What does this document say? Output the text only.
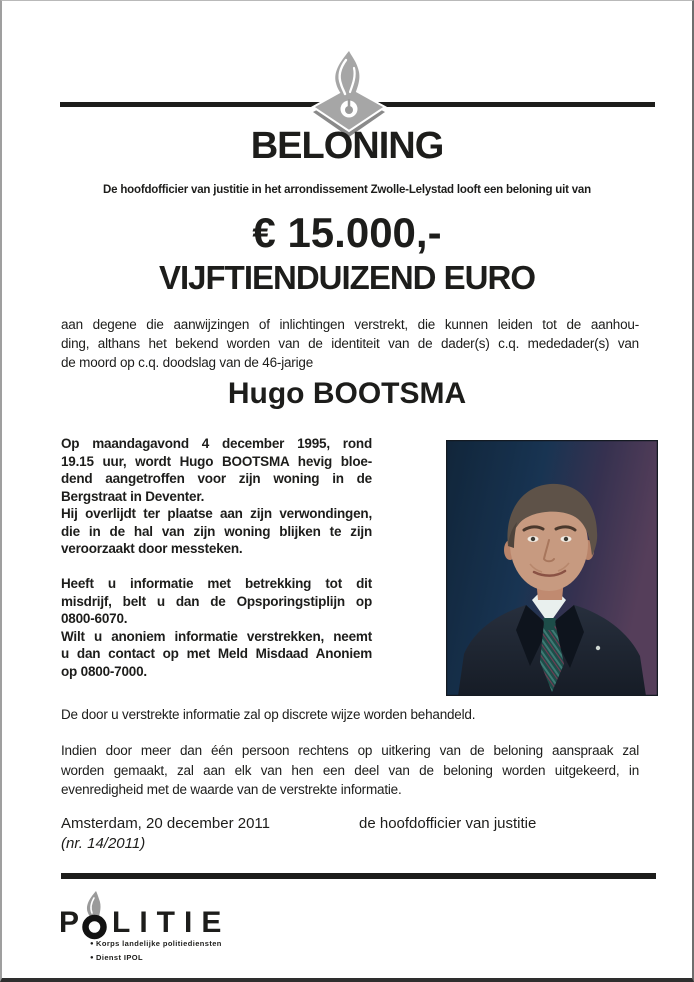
BELONING
De hoofdofficier van justitie in het arrondissement Zwolle-Lelystad looft een beloning uit van
€ 15.000,-
VIJFTIENDUIZEND EURO
aan degene die aanwijzingen of inlichtingen verstrekt, die kunnen leiden tot de aanhou-
ding, althans het bekend worden van de identiteit van de dader(s) c.q. mededader(s) van
de moord op c.q. doodslag van de 46-jarige
Hugo BOOTSMA
Op maandagavond 4 december 1995, rond
19.15 uur, wordt Hugo BOOTSMA hevig bloe-
dend aangetroffen voor zijn woning in de
Bergstraat in Deventer.
Hij overlijdt ter plaatse aan zijn verwondingen,
die in de hal van zijn woning blijken te zijn
veroorzaakt door messteken.
Heeft u informatie met betrekking tot dit
misdrijf, belt u dan de Opsporingstiplijn op
0800-6070.
Wilt u anoniem informatie verstrekken, neemt
u dan contact op met Meld Misdaad Anoniem
op 0800-7000.
De door u verstrekte informatie zal op discrete wijze worden behandeld.
Indien door meer dan één persoon rechtens op uitkering van de beloning aanspraak zal
worden gemaakt, zal aan elk van hen een deel van de beloning worden uitgekeerd, in
evenredigheid met de waarde van de verstrekte informatie.
Amsterdam, 20 december 2011	de hoofdofficier van justitie
(nr. 14/2011)
P LITIE
● Korps landelijke politiediensten
● Dienst IPOL
